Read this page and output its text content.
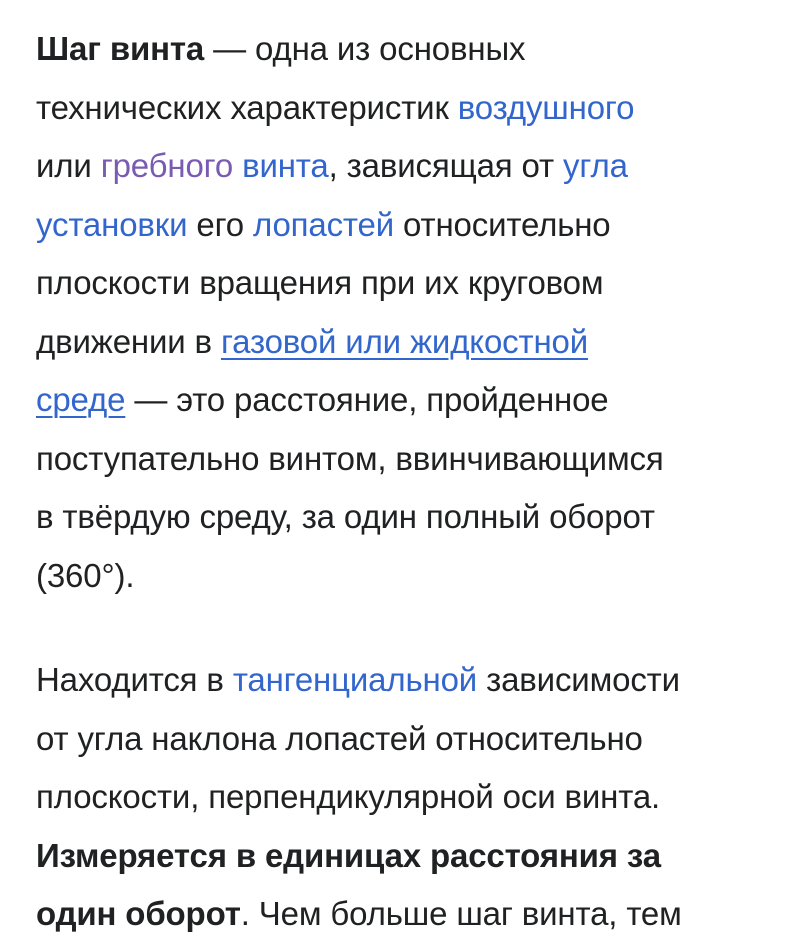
Шаг винта — одна из основных
технических характеристик воздушного
или гребного винта, зависящая от угла
установки его лопастей относительно
плоскости вращения при их круговом
движении в газовой или жидкостной
среде — это расстояние, пройденное
поступательно винтом, ввинчивающимся
в твёрдую среду, за один полный оборот
(360°).

Находится в тангенциальной зависимости
от угла наклона лопастей относительно
плоскости, перпендикулярной оси винта.
Измеряется в единицах расстояния за
один оборот. Чем больше шаг винта, тем
